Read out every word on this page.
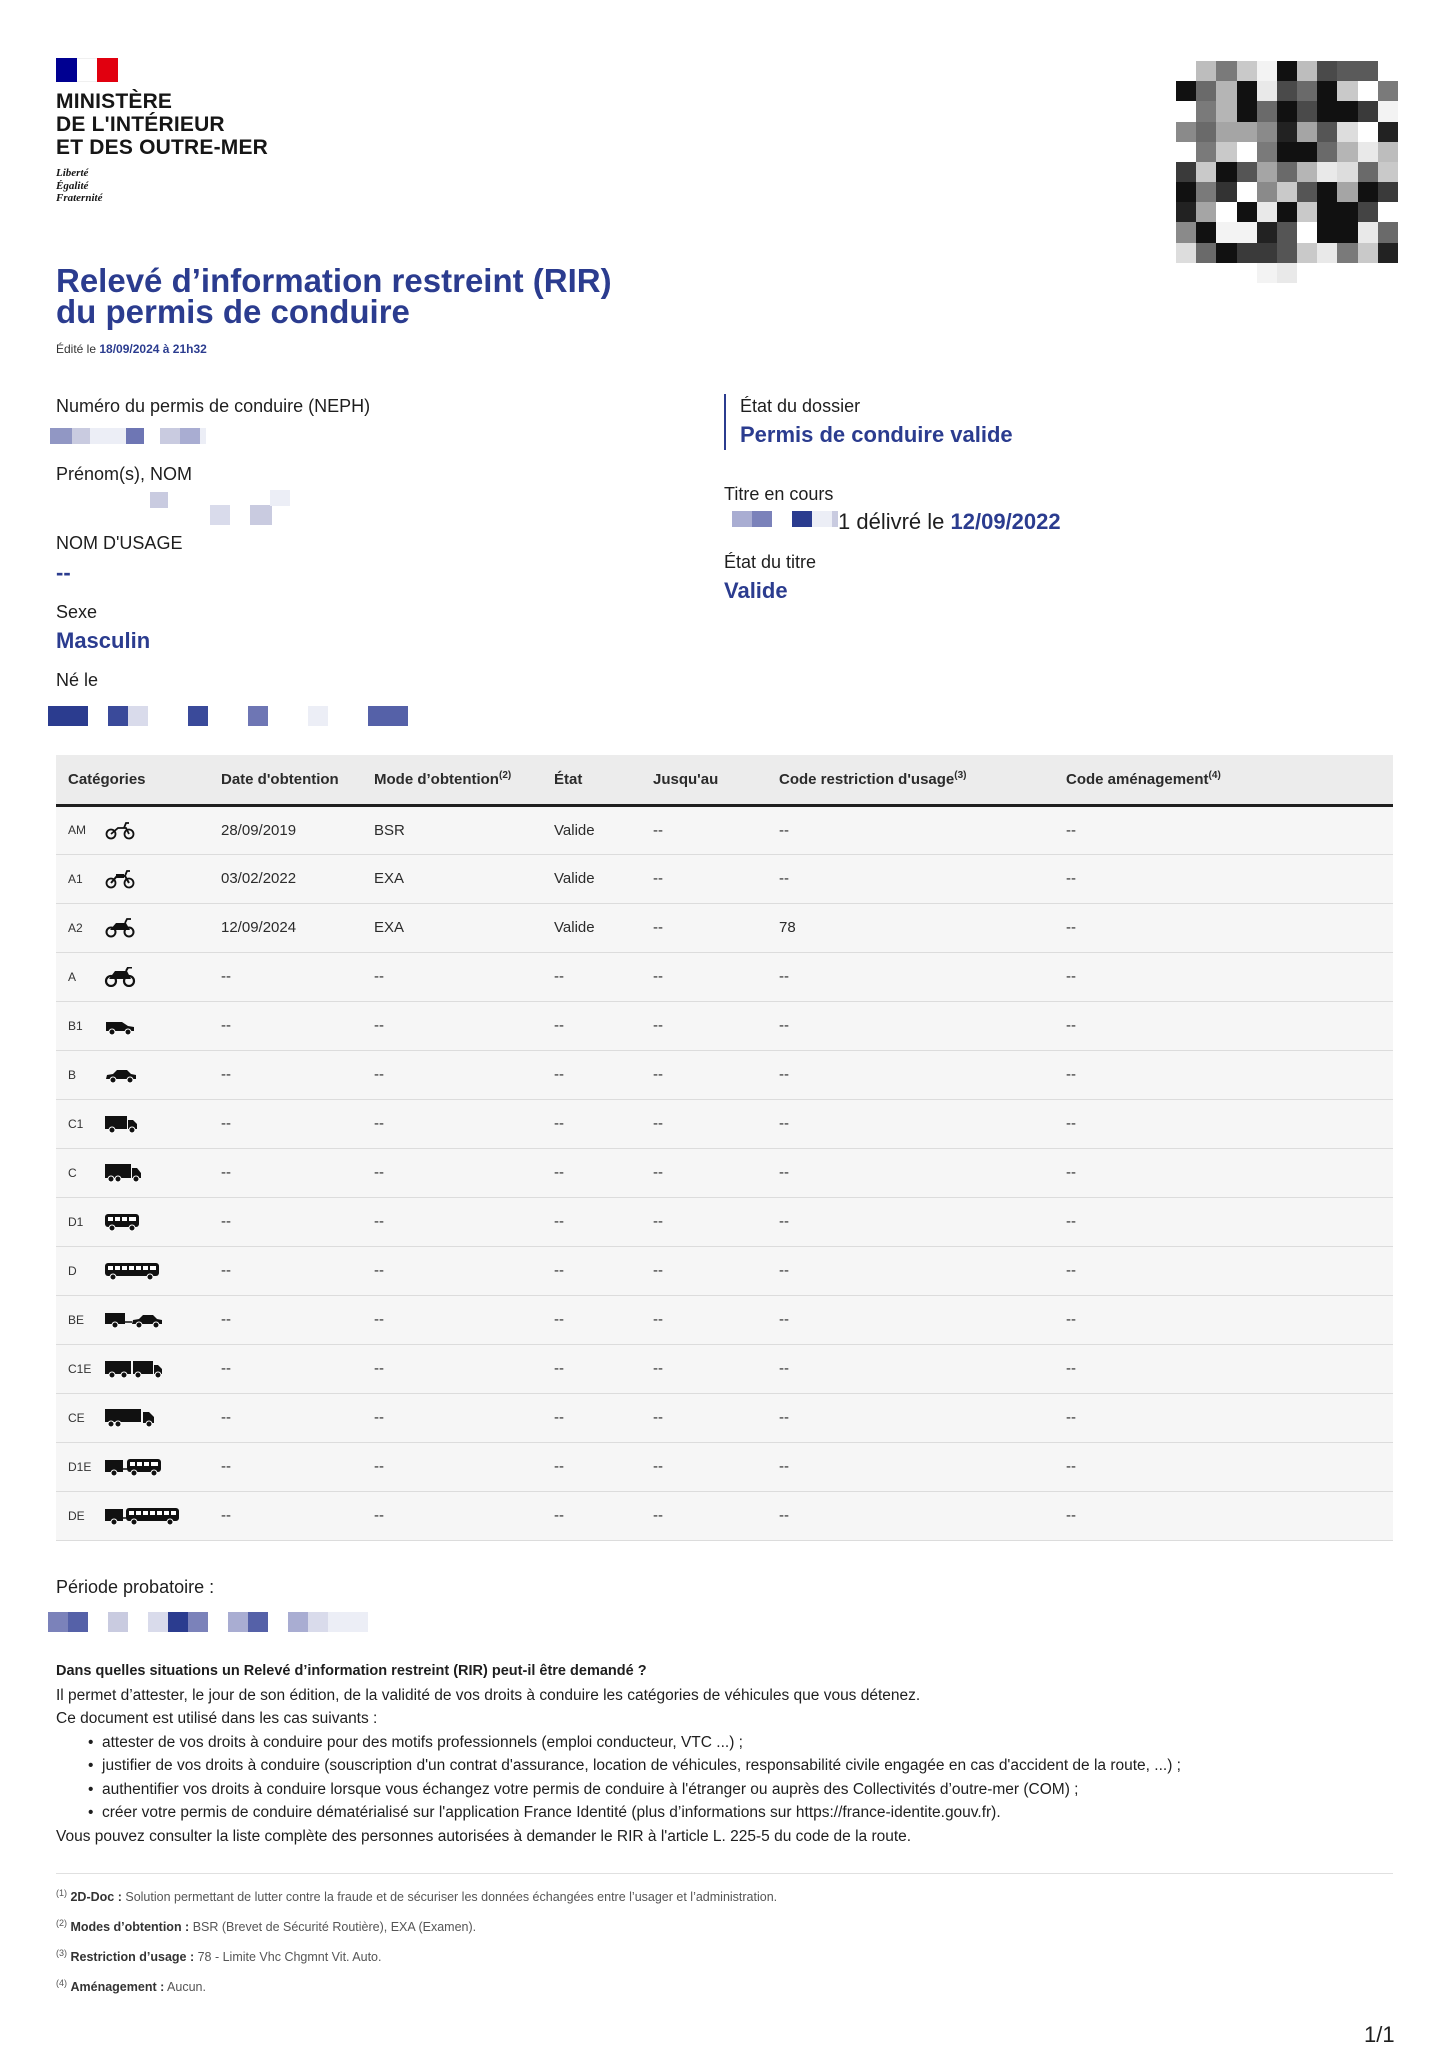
MINISTÈRE
DE L'INTÉRIEUR
ET DES OUTRE-MER
Liberté
Égalité
Fraternité
Relevé d’information restreint (RIR)
du permis de conduire
Édité le 18/09/2024 à 21h32
Numéro du permis de conduire (NEPH)
Prénom(s), NOM
NOM D'USAGE
--
Sexe
Masculin
Né le
État du dossier
Permis de conduire valide
Titre en cours
1 délivré le 12/09/2022
État du titre
Valide
Catégories	Date d'obtention	Mode d’obtention$^{(2)}$	État	Jusqu'au	Code restriction d'usage$^{(3)}$	Code aménagement$^{(4)}$

AM	28/09/2019	BSR	Valide	--	--	--

A1	03/02/2022	EXA	Valide	--	--	--

A2	12/09/2024	EXA	Valide	--	78	--

A	--	--	--	--	--	--

B1	--	--	--	--	--	--

B	--	--	--	--	--	--

C1	--	--	--	--	--	--

C	--	--	--	--	--	--

D1	--	--	--	--	--	--

D	--	--	--	--	--	--

BE	--	--	--	--	--	--

C1E	--	--	--	--	--	--

CE	--	--	--	--	--	--

D1E	--	--	--	--	--	--

DE	--	--	--	--	--	--
Période probatoire :
Dans quelles situations un Relevé d’information restreint (RIR) peut-il être demandé ?
Il permet d’attester, le jour de son édition, de la validité de vos droits à conduire les catégories de véhicules que vous détenez.
Ce document est utilisé dans les cas suivants :
• attester de vos droits à conduire pour des motifs professionnels (emploi conducteur, VTC ...) ;
• justifier de vos droits à conduire (souscription d'un contrat d'assurance, location de véhicules, responsabilité civile engagée en cas d'accident de la route, ...) ;
• authentifier vos droits à conduire lorsque vous échangez votre permis de conduire à l'étranger ou auprès des Collectivités d’outre-mer (COM) ;
• créer votre permis de conduire dématérialisé sur l'application France Identité (plus d’informations sur https://france-identite.gouv.fr).
Vous pouvez consulter la liste complète des personnes autorisées à demander le RIR à l'article L. 225-5 du code de la route.
$^{(1)}$ 2D-Doc : Solution permettant de lutter contre la fraude et de sécuriser les données échangées entre l’usager et l’administration.
$^{(2)}$ Modes d’obtention : BSR (Brevet de Sécurité Routière), EXA (Examen).
$^{(3)}$ Restriction d’usage : 78 - Limite Vhc Chgmnt Vit. Auto.
$^{(4)}$ Aménagement : Aucun.
1/1
